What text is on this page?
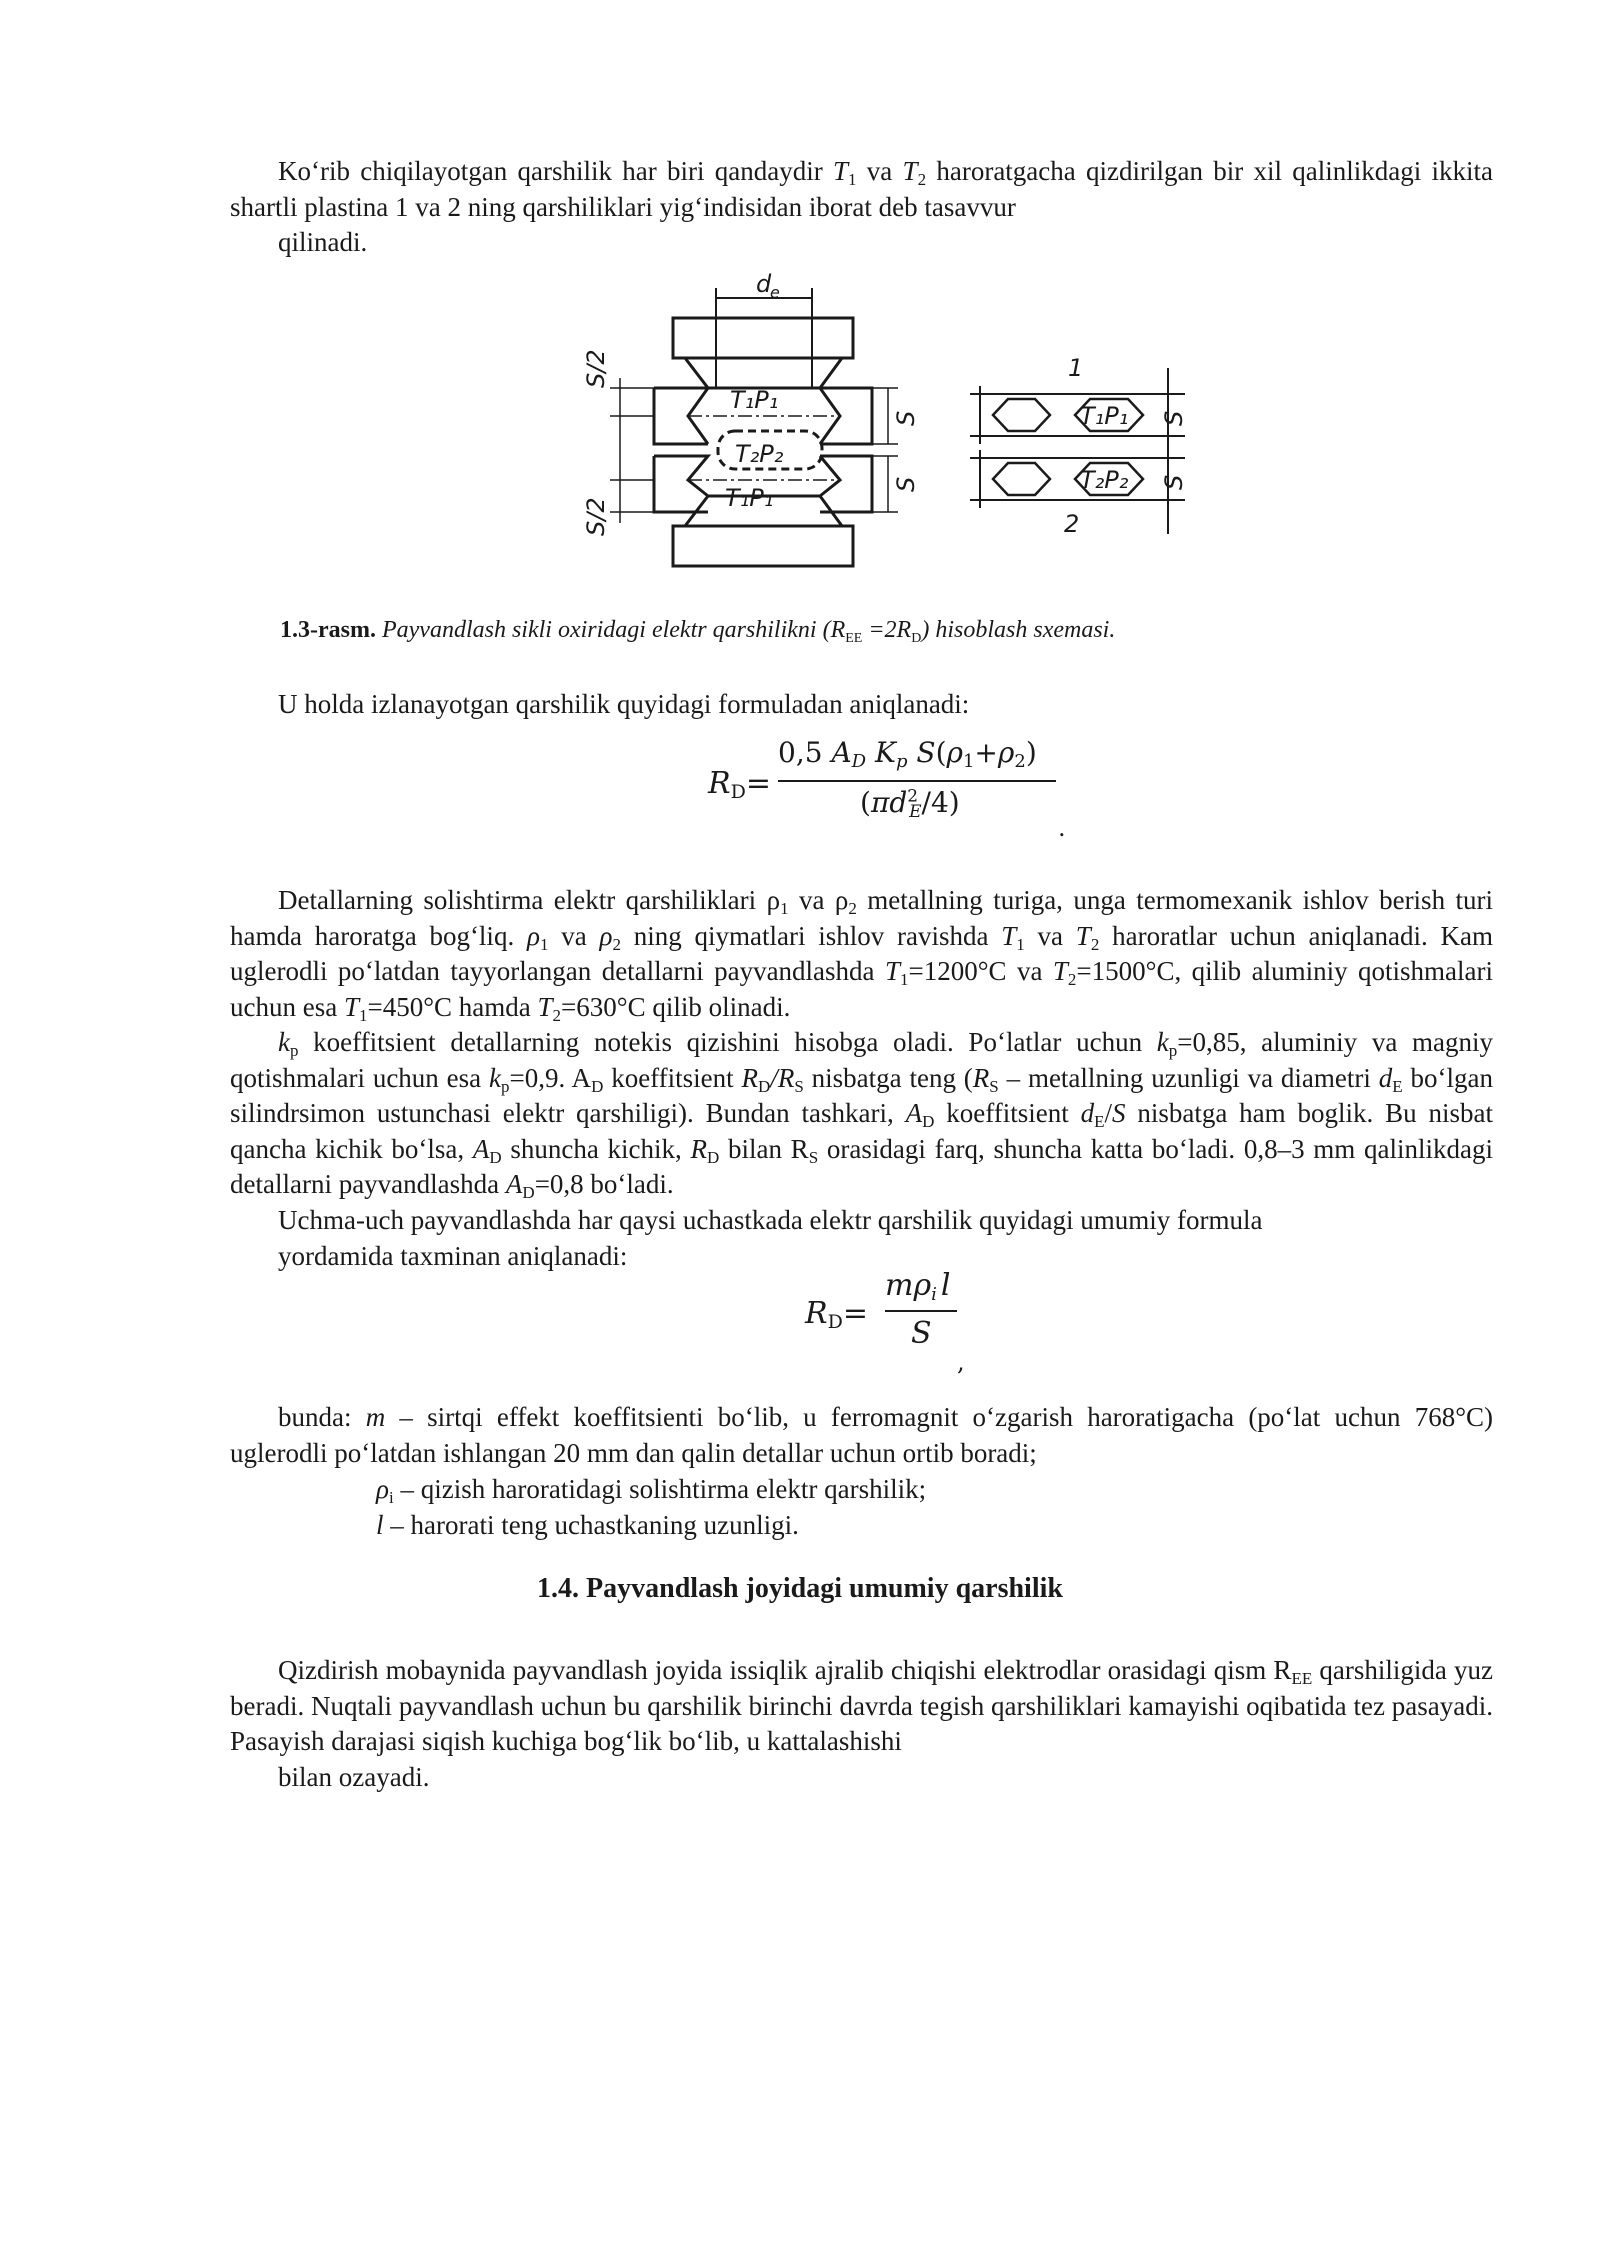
Ko‘rib chiqilayotgan qarshilik har biri qandaydir $T_1$ va $T_2$ haroratgacha qizdirilgan bir xil qalinlikdagi ikkita shartli plastina 1 va 2 ning qarshiliklari yig‘indisidan iborat deb tasavvur
qilinadi.

d
e
T₁P₁
T₂P₂
T₁P₁
S/2
S/2
S
S
S
S
T₁P₁
T₂P₂
1
2
1.3-rasm. Payvandlash sikli oxiridagi elektr qarshilikni $(R_{EE} =2R_D)$ hisoblash sxemasi.

U holda izlanayotgan qarshilik quyidagi formuladan aniqlanadi:

$R_D=$
0,5 $A_D$ $K_p$ $S(\rho_1+\rho_2)$
$(\pi d^2_E/4)$
.

Detallarning solishtirma elektr qarshiliklari $\rho_1$ va $\rho_2$ metallning turiga, unga termomexanik ishlov berish turi hamda haroratga bog‘liq. $\rho_1$ va $\rho_2$ ning qiymatlari ishlov ravishda $T_1$ va $T_2$ haroratlar uchun aniqlanadi. Kam uglerodli po‘latdan tayyorlangan detallarni payvandlashda $T_1=1200^\circ C$ va $T_2=1500^\circ C$, qilib aluminiy qotishmalari uchun esa $T_1=450^\circ C$ hamda $T_2=630^\circ C$ qilib olinadi.

$k_p$ koeffitsient detallarning notekis qizishini hisobga oladi. Po‘latlar uchun $k_p=0,85$, aluminiy va magniy qotishmalari uchun esa $k_p=0,9$. $A_D$ koeffitsient $R_D/R_S$ nisbatga teng ($R_S$ – metallning uzunligi va diametri $d_E$ bo‘lgan silindrsimon ustunchasi elektr qarshiligi). Bundan tashkari, $A_D$ koeffitsient $d_E/S$ nisbatga ham boglik. Bu nisbat qancha kichik bo‘lsa, $A_D$ shuncha kichik, $R_D$ bilan $R_S$ orasidagi farq, shuncha katta bo‘ladi. 0,8–3 mm qalinlikdagi detallarni payvandlashda $A_D=0,8$ bo‘ladi.

Uchma-uch payvandlashda har qaysi uchastkada elektr qarshilik quyidagi umumiy formula
yordamida taxminan aniqlanadi:

$R_D=$
$m\rho_i$ l
S
,

bunda: m – sirtqi effekt koeffitsienti bo‘lib, u ferromagnit o‘zgarish haroratigacha (po‘lat uchun 768°C) uglerodli po‘latdan ishlangan 20 mm dan qalin detallar uchun ortib boradi;

$\rho_i$ – qizish haroratidagi solishtirma elektr qarshilik;
l – harorati teng uchastkaning uzunligi.
1.4. Payvandlash joyidagi umumiy qarshilik

Qizdirish mobaynida payvandlash joyida issiqlik ajralib chiqishi elektrodlar orasidagi qism $R_{EE}$ qarshiligida yuz beradi. Nuqtali payvandlash uchun bu qarshilik birinchi davrda tegish qarshiliklari kamayishi oqibatida tez pasayadi. Pasayish darajasi siqish kuchiga bog‘lik bo‘lib, u kattalashishi
bilan ozayadi.
